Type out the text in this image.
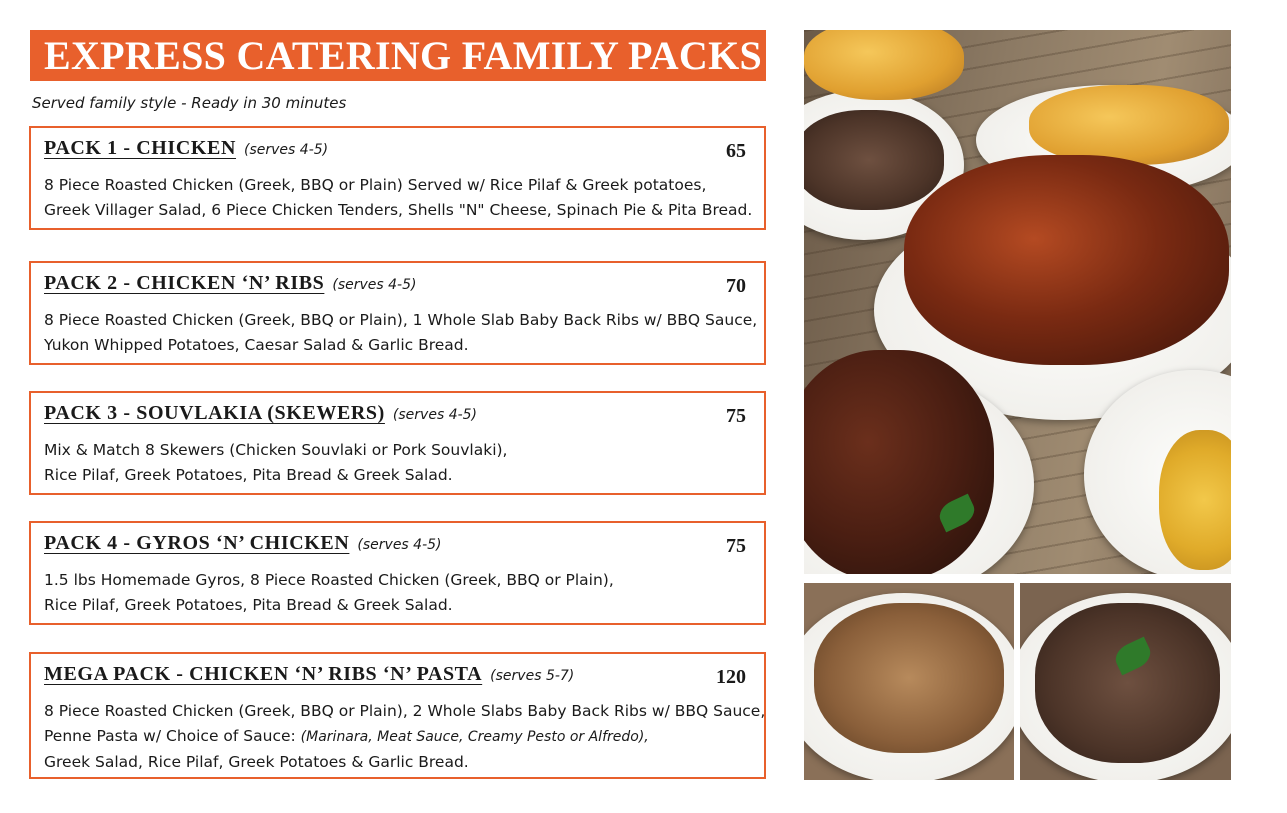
EXPRESS CATERING FAMILY PACKS
Served family style - Ready in 30 minutes
PACK 1 - CHICKEN (serves 4-5)	65
8 Piece Roasted Chicken (Greek, BBQ or Plain) Served w/ Rice Pilaf & Greek potatoes,
Greek Villager Salad, 6 Piece Chicken Tenders, Shells "N" Cheese, Spinach Pie & Pita Bread.
PACK 2 - CHICKEN ‘N’ RIBS (serves 4-5)	70
8 Piece Roasted Chicken (Greek, BBQ or Plain), 1 Whole Slab Baby Back Ribs w/ BBQ Sauce,
Yukon Whipped Potatoes, Caesar Salad & Garlic Bread.
PACK 3 - SOUVLAKIA (SKEWERS) (serves 4-5)	75
Mix & Match 8 Skewers (Chicken Souvlaki or Pork Souvlaki),
Rice Pilaf, Greek Potatoes, Pita Bread & Greek Salad.
PACK 4 - GYROS ‘N’ CHICKEN (serves 4-5)	75
1.5 lbs Homemade Gyros, 8 Piece Roasted Chicken (Greek, BBQ or Plain),
Rice Pilaf, Greek Potatoes, Pita Bread & Greek Salad.
MEGA PACK - CHICKEN ‘N’ RIBS ‘N’ PASTA (serves 5-7)	120
8 Piece Roasted Chicken (Greek, BBQ or Plain), 2 Whole Slabs Baby Back Ribs w/ BBQ Sauce,
Penne Pasta w/ Choice of Sauce: (Marinara, Meat Sauce, Creamy Pesto or Alfredo),
Greek Salad, Rice Pilaf, Greek Potatoes & Garlic Bread.
